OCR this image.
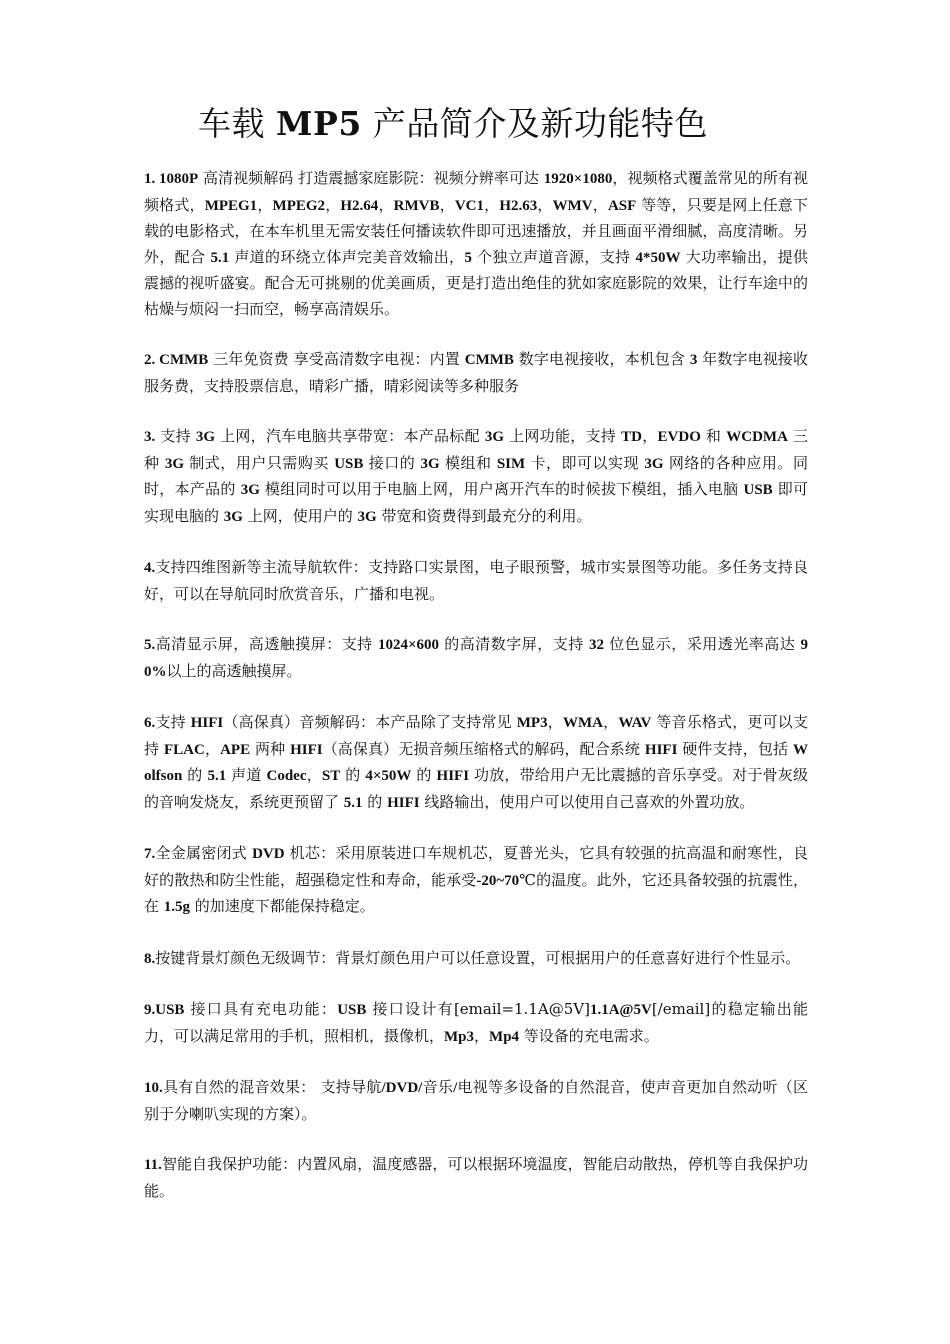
车载 MP5 产品简介及新功能特色

1. 1080P 高清视频解码 打造震撼家庭影院：视频分辨率可达 1920×1080，视频格式覆盖常见的所有视频格式，MPEG1，MPEG2，H2.64，RMVB，VC1，H2.63，WMV，ASF 等等，只要是网上任意下载的电影格式，在本车机里无需安装任何播读软件即可迅速播放，并且画面平滑细腻，高度清晰。另外，配合 5.1 声道的环绕立体声完美音效输出，5 个独立声道音源，支持 4*50W 大功率输出，提供震撼的视听盛宴。配合无可挑剔的优美画质，更是打造出绝佳的犹如家庭影院的效果，让行车途中的枯燥与烦闷一扫而空，畅享高清娱乐。

2. CMMB 三年免资费 享受高清数字电视：内置 CMMB 数字电视接收，本机包含 3 年数字电视接收服务费，支持股票信息，晴彩广播，晴彩阅读等多种服务

3. 支持 3G 上网，汽车电脑共享带宽：本产品标配 3G 上网功能，支持 TD，EVDO 和 WCDMA 三种 3G 制式，用户只需购买 USB 接口的 3G 模组和 SIM 卡，即可以实现 3G 网络的各种应用。同时，本产品的 3G 模组同时可以用于电脑上网，用户离开汽车的时候拔下模组，插入电脑 USB 即可实现电脑的 3G 上网，使用户的 3G 带宽和资费得到最充分的利用。

4.支持四维图新等主流导航软件：支持路口实景图，电子眼预警，城市实景图等功能。多任务支持良好，可以在导航同时欣赏音乐，广播和电视。

5.高清显示屏，高透触摸屏：支持 1024×600 的高清数字屏，支持 32 位色显示，采用透光率高达 90%以上的高透触摸屏。

6.支持 HIFI（高保真）音频解码：本产品除了支持常见 MP3，WMA，WAV 等音乐格式，更可以支持 FLAC，APE 两种 HIFI（高保真）无损音频压缩格式的解码，配合系统 HIFI 硬件支持，包括 Wolfson 的 5.1 声道 Codec，ST 的 4×50W 的 HIFI 功放，带给用户无比震撼的音乐享受。对于骨灰级的音响发烧友，系统更预留了 5.1 的 HIFI 线路输出，使用户可以使用自己喜欢的外置功放。

7.全金属密闭式 DVD 机芯：采用原装进口车规机芯，夏普光头，它具有较强的抗高温和耐寒性，良好的散热和防尘性能，超强稳定性和寿命，能承受-20~70℃的温度。此外，它还具备较强的抗震性，在 1.5g 的加速度下都能保持稳定。

8.按键背景灯颜色无级调节：背景灯颜色用户可以任意设置，可根据用户的任意喜好进行个性显示。

9.USB 接口具有充电功能：USB 接口设计有[email=1.1A@5V]1.1A@5V[/email]的稳定输出能力，可以满足常用的手机，照相机，摄像机，Mp3，Mp4 等设备的充电需求。

10.具有自然的混音效果： 支持导航/DVD/音乐/电视等多设备的自然混音，使声音更加自然动听（区别于分喇叭实现的方案）。

11.智能自我保护功能：内置风扇，温度感器，可以根据环境温度，智能启动散热，停机等自我保护功能。
